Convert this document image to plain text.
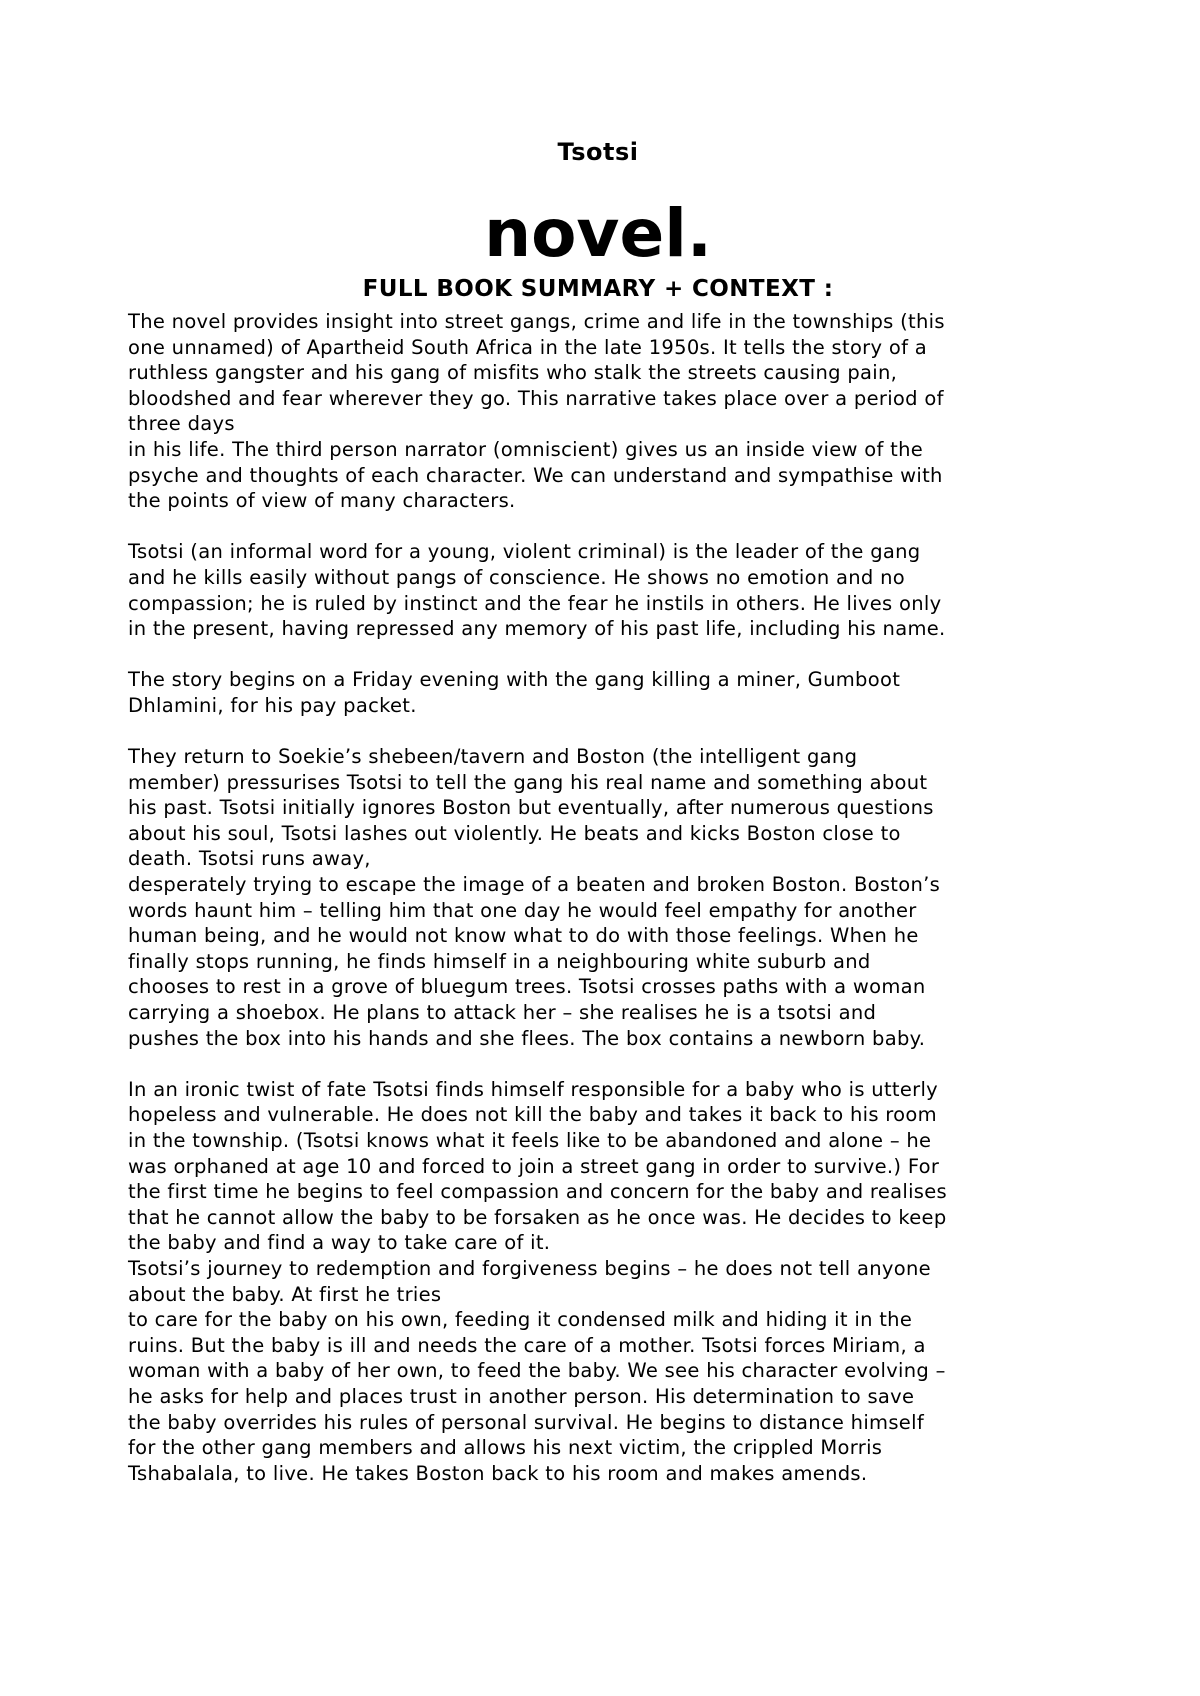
Tsotsi
novel.
FULL BOOK SUMMARY + CONTEXT :

The novel provides insight into street gangs, crime and life in the townships (this
one unnamed) of Apartheid South Africa in the late 1950s. It tells the story of a
ruthless gangster and his gang of misfits who stalk the streets causing pain,
bloodshed and fear wherever they go. This narrative takes place over a period of
three days
in his life. The third person narrator (omniscient) gives us an inside view of the
psyche and thoughts of each character. We can understand and sympathise with
the points of view of many characters.

Tsotsi (an informal word for a young, violent criminal) is the leader of the gang
and he kills easily without pangs of conscience. He shows no emotion and no
compassion; he is ruled by instinct and the fear he instils in others. He lives only
in the present, having repressed any memory of his past life, including his name.

The story begins on a Friday evening with the gang killing a miner, Gumboot
Dhlamini, for his pay packet.

They return to Soekie’s shebeen/tavern and Boston (the intelligent gang
member) pressurises Tsotsi to tell the gang his real name and something about
his past. Tsotsi initially ignores Boston but eventually, after numerous questions
about his soul, Tsotsi lashes out violently. He beats and kicks Boston close to
death. Tsotsi runs away,
desperately trying to escape the image of a beaten and broken Boston. Boston’s
words haunt him – telling him that one day he would feel empathy for another
human being, and he would not know what to do with those feelings. When he
finally stops running, he finds himself in a neighbouring white suburb and
chooses to rest in a grove of bluegum trees. Tsotsi crosses paths with a woman
carrying a shoebox. He plans to attack her – she realises he is a tsotsi and
pushes the box into his hands and she flees. The box contains a newborn baby.

In an ironic twist of fate Tsotsi finds himself responsible for a baby who is utterly
hopeless and vulnerable. He does not kill the baby and takes it back to his room
in the township. (Tsotsi knows what it feels like to be abandoned and alone – he
was orphaned at age 10 and forced to join a street gang in order to survive.) For
the first time he begins to feel compassion and concern for the baby and realises
that he cannot allow the baby to be forsaken as he once was. He decides to keep
the baby and find a way to take care of it.
Tsotsi’s journey to redemption and forgiveness begins – he does not tell anyone
about the baby. At first he tries
to care for the baby on his own, feeding it condensed milk and hiding it in the
ruins. But the baby is ill and needs the care of a mother. Tsotsi forces Miriam, a
woman with a baby of her own, to feed the baby. We see his character evolving –
he asks for help and places trust in another person. His determination to save
the baby overrides his rules of personal survival. He begins to distance himself
for the other gang members and allows his next victim, the crippled Morris
Tshabalala, to live. He takes Boston back to his room and makes amends.
